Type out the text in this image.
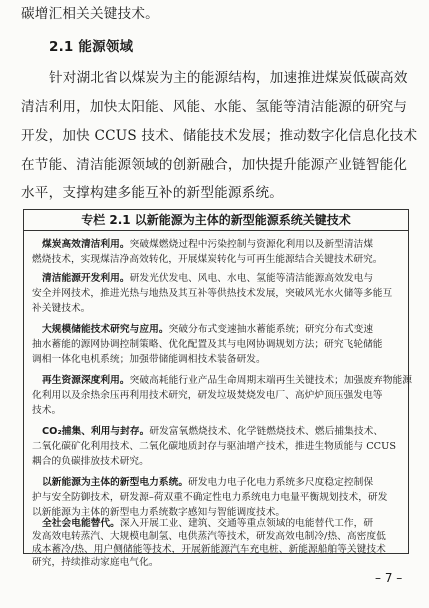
碳增汇相关关键技术。
2.1 能源领域
针对湖北省以煤炭为主的能源结构，加速推进煤炭低碳高效
清洁利用，加快太阳能、风能、水能、氢能等清洁能源的研究与
开发，加快 CCUS 技术、储能技术发展；推动数字化信息化技术
在节能、清洁能源领域的创新融合，加快提升能源产业链智能化
水平，支撑构建多能互补的新型能源系统。
专栏 2.1 以新能源为主体的新型能源系统关键技术
煤炭高效清洁利用。突破煤燃烧过程中污染控制与资源化利用以及新型清洁煤
燃烧技术，实现煤洁净高效转化，开展煤炭转化与可再生能源结合关键技术研究。
清洁能源开发利用。研发光伏发电、风电、水电、氢能等清洁能源高效发电与
安全并网技术，推进光热与地热及其互补等供热技术发展，突破风光水火储等多能互
补关键技术。
大规模储能技术研究与应用。突破分布式变速抽水蓄能系统；研究分布式变速
抽水蓄能的源网协调控制策略、优化配置及其与电网协调规划方法；研究飞轮储能
调相一体化电机系统；加强带储能调相技术装备研发。
再生资源深度利用。突破高耗能行业产品生命周期末端再生关键技术；加强废弃物能源
化利用以及余热余压再利用技术研究，研发垃圾焚烧发电厂、高炉炉顶压强发电等
技术。
CO₂捕集、利用与封存。研发富氧燃烧技术、化学链燃烧技术、燃后捕集技术、
二氧化碳矿化利用技术、二氧化碳地质封存与驱油增产技术，推进生物质能与 CCUS
耦合的负碳排放技术研究。
以新能源为主体的新型电力系统。研发电力电子化电力系统多尺度稳定控制保
护与安全防御技术，研发源–荷双重不确定性电力系统电力电量平衡规划技术，研发
以新能源为主体的新型电力系统数字感知与智能调度技术。
全社会电能替代。深入开展工业、建筑、交通等重点领域的电能替代工作，研
发高效电转蒸汽、大规模电制氢、电供蒸汽等技术，研发高效电制冷/热、高密度低
成本蓄冷/热、用户侧储能等技术，开展新能源汽车充电桩、新能源船舶等关键技术
研究，持续推动家庭电气化。
– 7 –
